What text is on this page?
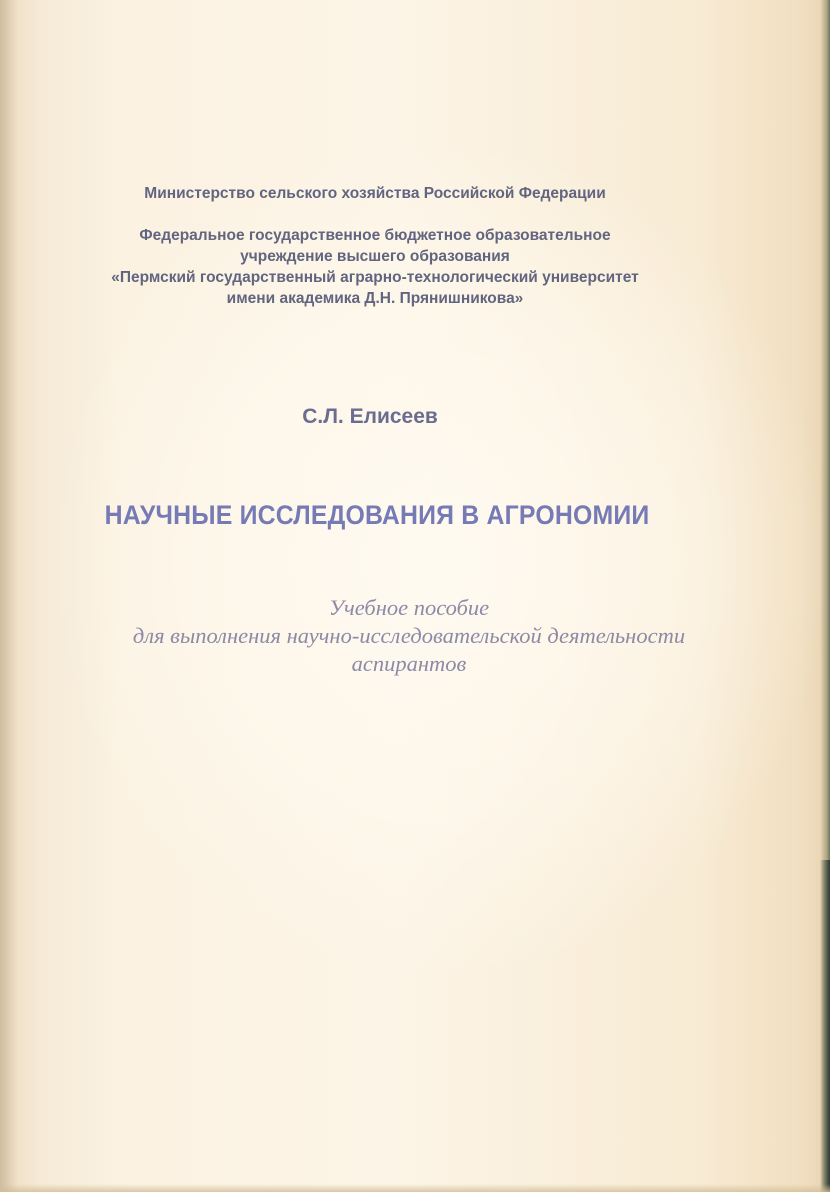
Министерство сельского хозяйства Российской Федерации

Федеральное государственное бюджетное образовательное

учреждение высшего образования

«Пермский государственный аграрно-технологический университет

имени академика Д.Н. Прянишникова»

С.Л. Елисеев
НАУЧНЫЕ ИССЛЕДОВАНИЯ В АГРОНОМИИ

Учебное пособие

для выполнения научно-исследовательской деятельности

аспирантов
